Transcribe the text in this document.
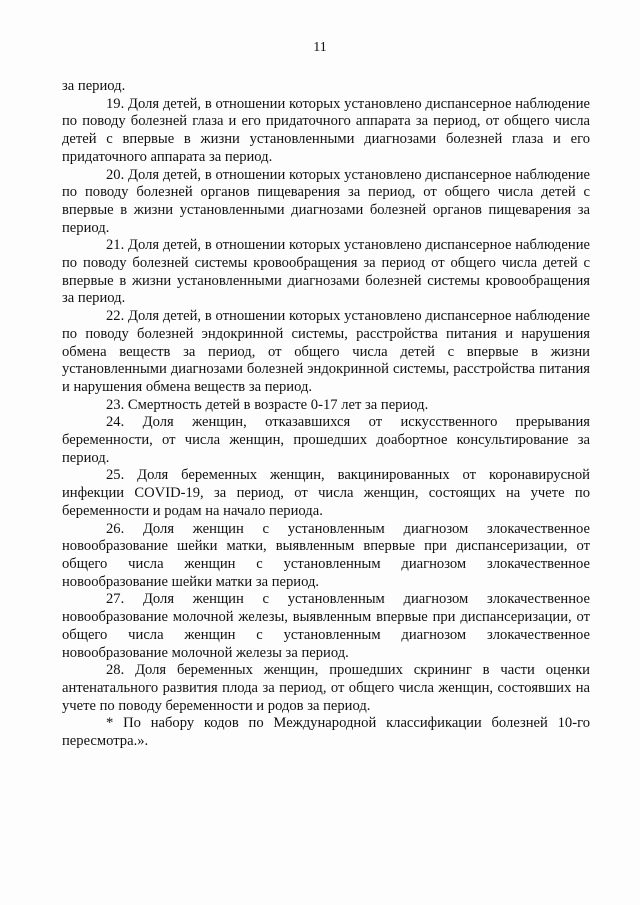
11

за период.

19. Доля детей, в отношении которых установлено диспансерное наблюдение по поводу болезней глаза и его придаточного аппарата за период, от общего числа детей с впервые в жизни установленными диагнозами болезней глаза и его придаточного аппарата за период.

20. Доля детей, в отношении которых установлено диспансерное наблюдение по поводу болезней органов пищеварения за период, от общего числа детей с впервые в жизни установленными диагнозами болезней органов пищеварения за период.

21. Доля детей, в отношении которых установлено диспансерное наблюдение по поводу болезней системы кровообращения за период от общего числа детей с впервые в жизни установленными диагнозами болезней системы кровообращения за период.

22. Доля детей, в отношении которых установлено диспансерное наблюдение по поводу болезней эндокринной системы, расстройства питания и нарушения обмена веществ за период, от общего числа детей с впервые в жизни установленными диагнозами болезней эндокринной системы, расстройства питания и нарушения обмена веществ за период.

23. Смертность детей в возрасте 0-17 лет за период.

24. Доля женщин, отказавшихся от искусственного прерывания беременности, от числа женщин, прошедших доабортное консультирование за период.

25. Доля беременных женщин, вакцинированных от коронавирусной инфекции COVID-19, за период, от числа женщин, состоящих на учете по беременности и родам на начало периода.

26. Доля женщин с установленным диагнозом злокачественное новообразование шейки матки, выявленным впервые при диспансеризации, от общего числа женщин с установленным диагнозом злокачественное новообразование шейки матки за период.

27. Доля женщин с установленным диагнозом злокачественное новообразование молочной железы, выявленным впервые при диспансеризации, от общего числа женщин с установленным диагнозом злокачественное новообразование молочной железы за период.

28. Доля беременных женщин, прошедших скрининг в части оценки антенатального развития плода за период, от общего числа женщин, состоявших на учете по поводу беременности и родов за период.

* По набору кодов по Международной классификации болезней 10-го пересмотра.».
